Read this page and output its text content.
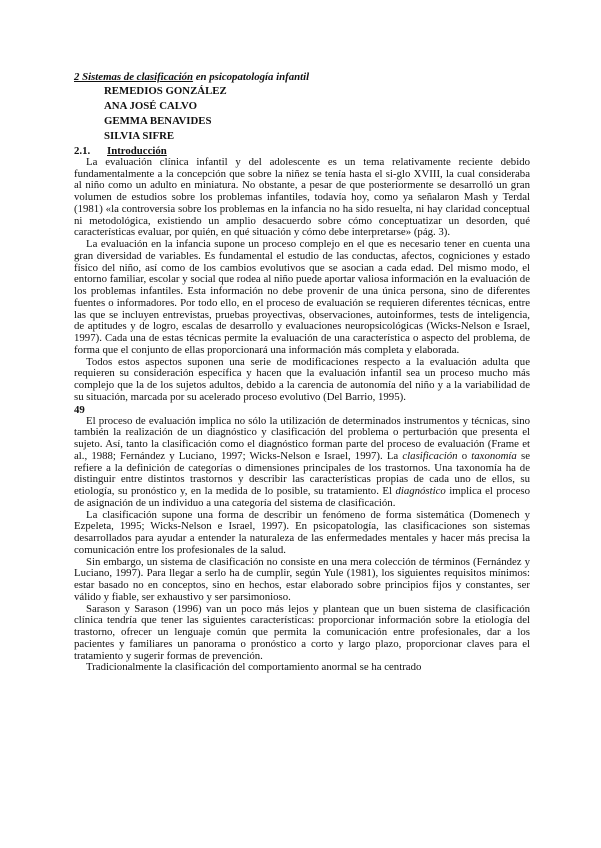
2 Sistemas de clasificación en psicopatología infantil
REMEDIOS GONZÁLEZ
ANA JOSÉ CALVO
GEMMA BENAVIDES
SILVIA SIFRE
2.1. Introducción

La evaluación clínica infantil y del adolescente es un tema relativamente reciente debido fundamentalmente a la concepción que sobre la niñez se tenía hasta el si-glo XVIII, la cual consideraba al niño como un adulto en miniatura. No obstante, a pesar de que posteriormente se desarrolló un gran volumen de estudios sobre los problemas infantiles, todavía hoy, como ya señalaron Mash y Terdal (1981) «la controversia sobre los problemas en la infancia no ha sido resuelta, ni hay claridad conceptual ni metodológica, existiendo un amplio desacuerdo sobre cómo conceptuatizar un desorden, qué características evaluar, por quién, en qué situación y cómo debe interpretarse» (pág. 3).

La evaluación en la infancia supone un proceso complejo en el que es necesario tener en cuenta una gran diversidad de variables. Es fundamental el estudio de las conductas, afectos, cogniciones y estado físico del niño, así como de los cambios evolutivos que se asocian a cada edad. Del mismo modo, el entorno familiar, escolar y social que rodea al niño puede aportar valiosa información en la evaluación de los problemas infantiles. Esta información no debe provenir de una única persona, sino de diferentes fuentes o informadores. Por todo ello, en el proceso de evaluación se requieren diferentes técnicas, entre las que se incluyen entrevistas, pruebas proyectivas, observaciones, autoinformes, tests de inteligencia, de aptitudes y de logro, escalas de desarrollo y evaluaciones neuropsicológicas (Wicks-Nelson e Israel, 1997). Cada una de estas técnicas permite la evaluación de una característica o aspecto del problema, de forma que el conjunto de ellas proporcionará una información más completa y elaborada.

Todos estos aspectos suponen una serie de modificaciones respecto a la evaluación adulta que requieren su consideración específica y hacen que la evaluación infantil sea un proceso mucho más complejo que la de los sujetos adultos, debido a la carencia de autonomía del niño y a la variabilidad de su situación, marcada por su acelerado proceso evolutivo (Del Barrio, 1995).

49

El proceso de evaluación implica no sólo la utilización de determinados instrumentos y técnicas, sino también la realización de un diagnóstico y clasificación del problema o perturbación que presenta el sujeto. Así, tanto la clasificación como el diagnóstico forman parte del proceso de evaluación (Frame et al., 1988; Fernández y Luciano, 1997; Wicks-Nelson e Israel, 1997). La clasificación o taxonomía se refiere a la definición de categorías o dimensiones principales de los trastornos. Una taxonomía ha de distinguir entre distintos trastornos y describir las características propias de cada uno de ellos, su etiología, su pronóstico y, en la medida de lo posible, su tratamiento. El diagnóstico implica el proceso de asignación de un individuo a una categoría del sistema de clasificación.

La clasificación supone una forma de describir un fenómeno de forma sistemática (Domenech y Ezpeleta, 1995; Wicks-Nelson e Israel, 1997). En psicopatología, las clasificaciones son sistemas desarrollados para ayudar a entender la naturaleza de las enfermedades mentales y hacer más precisa la comunicación entre los profesionales de la salud.

Sin embargo, un sistema de clasificación no consiste en una mera colección de términos (Fernández y Luciano, 1997). Para llegar a serlo ha de cumplir, según Yule (1981), los siguientes requisitos mínimos: estar basado no en conceptos, sino en hechos, estar elaborado sobre principios fijos y constantes, ser válido y fiable, ser exhaustivo y ser parsimonioso.

Sarason y Sarason (1996) van un poco más lejos y plantean que un buen sistema de clasificación clínica tendría que tener las siguientes características: proporcionar información sobre la etiología del trastorno, ofrecer un lenguaje común que permita la comunicación entre profesionales, dar a los pacientes y familiares un panorama o pronóstico a corto y largo plazo, proporcionar claves para el tratamiento y sugerir formas de prevención.

Tradicionalmente la clasificación del comportamiento anormal se ha centrado
